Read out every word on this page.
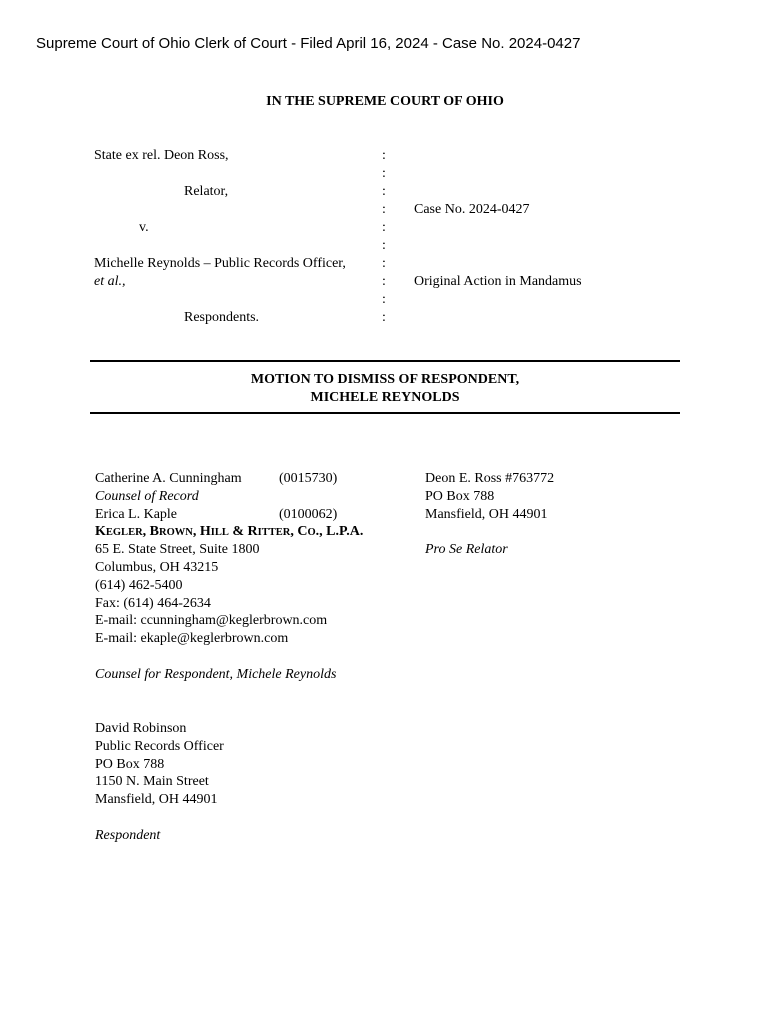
Supreme Court of Ohio Clerk of Court - Filed April 16, 2024 - Case No. 2024-0427
IN THE SUPREME COURT OF OHIO
State ex rel. Deon Ross,
Relator,
v.
Michelle Reynolds – Public Records Officer,
et al.,
Respondents.
:
:
:
:
:
:
:
:
:
:
Case No. 2024-0427
Original Action in Mandamus
MOTION TO DISMISS OF RESPONDENT,
MICHELE REYNOLDS
Catherine A. Cunningham	(0015730)
Counsel of Record
Erica L. Kaple	(0100062)
KEGLER, BROWN, HILL & RITTER, CO., L.P.A.
65 E. State Street, Suite 1800
Columbus, OH 43215
(614) 462-5400
Fax: (614) 464-2634
E-mail: ccunningham@keglerbrown.com
E-mail: ekaple@keglerbrown.com
Counsel for Respondent, Michele Reynolds
Deon E. Ross #763772
PO Box 788
Mansfield, OH 44901
Pro Se Relator
David Robinson
Public Records Officer
PO Box 788
1150 N. Main Street
Mansfield, OH 44901
Respondent
